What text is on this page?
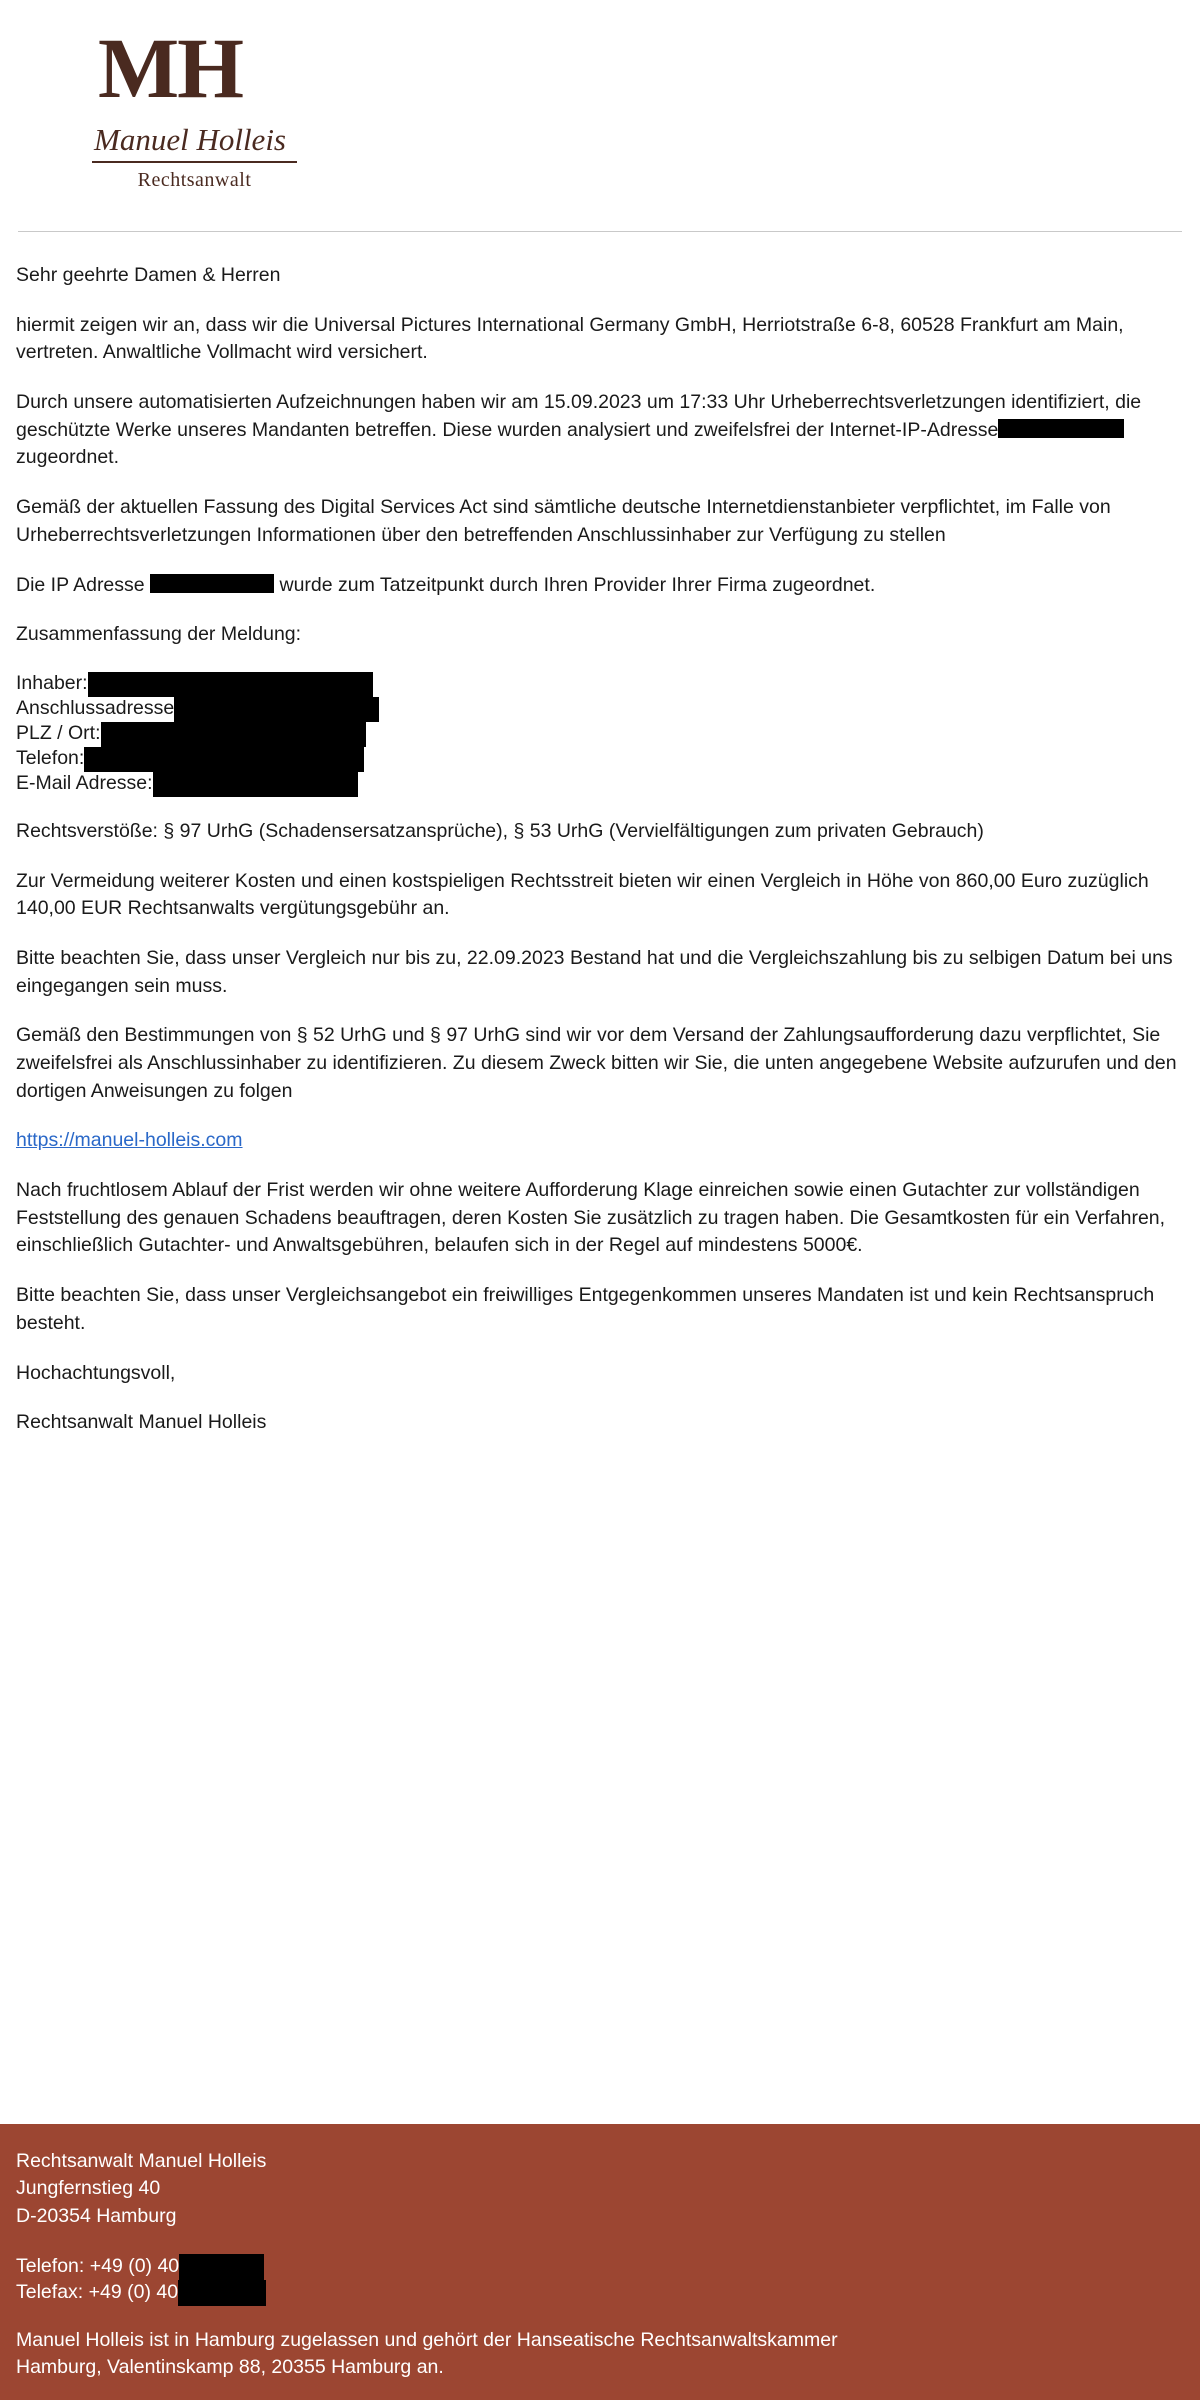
MH
Manuel Holleis
Rechtsanwalt

Sehr geehrte Damen & Herren

hiermit zeigen wir an, dass wir die Universal Pictures International Germany GmbH, Herriotstraße 6-8, 60528 Frankfurt am Main, vertreten. Anwaltliche Vollmacht wird versichert.

Durch unsere automatisierten Aufzeichnungen haben wir am 15.09.2023 um 17:33 Uhr Urheberrechtsverletzungen identifiziert, die geschützte Werke unseres Mandanten betreffen. Diese wurden analysiert und zweifelsfrei der Internet-IP-Adresse zugeordnet.

Gemäß der aktuellen Fassung des Digital Services Act sind sämtliche deutsche Internetdienstanbieter verpflichtet, im Falle von Urheberrechtsverletzungen Informationen über den betreffenden Anschlussinhaber zur Verfügung zu stellen

Die IP Adresse	wurde zum Tatzeitpunkt durch Ihren Provider Ihrer Firma zugeordnet.

Zusammenfassung der Meldung:

Inhaber:
Anschlussadresse
PLZ / Ort:
Telefon:
E-Mail Adresse:

Rechtsverstöße: § 97 UrhG (Schadensersatzansprüche), § 53 UrhG (Vervielfältigungen zum privaten Gebrauch)

Zur Vermeidung weiterer Kosten und einen kostspieligen Rechtsstreit bieten wir einen Vergleich in Höhe von 860,00 Euro zuzüglich 140,00 EUR Rechtsanwalts vergütungsgebühr an.

Bitte beachten Sie, dass unser Vergleich nur bis zu, 22.09.2023 Bestand hat und die Vergleichszahlung bis zu selbigen Datum bei uns eingegangen sein muss.

Gemäß den Bestimmungen von § 52 UrhG und § 97 UrhG sind wir vor dem Versand der Zahlungsaufforderung dazu verpflichtet, Sie zweifelsfrei als Anschlussinhaber zu identifizieren. Zu diesem Zweck bitten wir Sie, die unten angegebene Website aufzurufen und den dortigen Anweisungen zu folgen

https://manuel-holleis.com

Nach fruchtlosem Ablauf der Frist werden wir ohne weitere Aufforderung Klage einreichen sowie einen Gutachter zur vollständigen Feststellung des genauen Schadens beauftragen, deren Kosten Sie zusätzlich zu tragen haben. Die Gesamtkosten für ein Verfahren, einschließlich Gutachter- und Anwaltsgebühren, belaufen sich in der Regel auf mindestens 5000€.

Bitte beachten Sie, dass unser Vergleichsangebot ein freiwilliges Entgegenkommen unseres Mandaten ist und kein Rechtsanspruch besteht.

Hochachtungsvoll,

Rechtsanwalt Manuel Holleis

Rechtsanwalt Manuel Holleis

Jungfernstieg 40

D-20354 Hamburg

Telefon: +49 (0) 40
Telefax: +49 (0) 40

Manuel Holleis ist in Hamburg zugelassen und gehört der Hanseatische Rechtsanwaltskammer

Hamburg, Valentinskamp 88, 20355 Hamburg an.
